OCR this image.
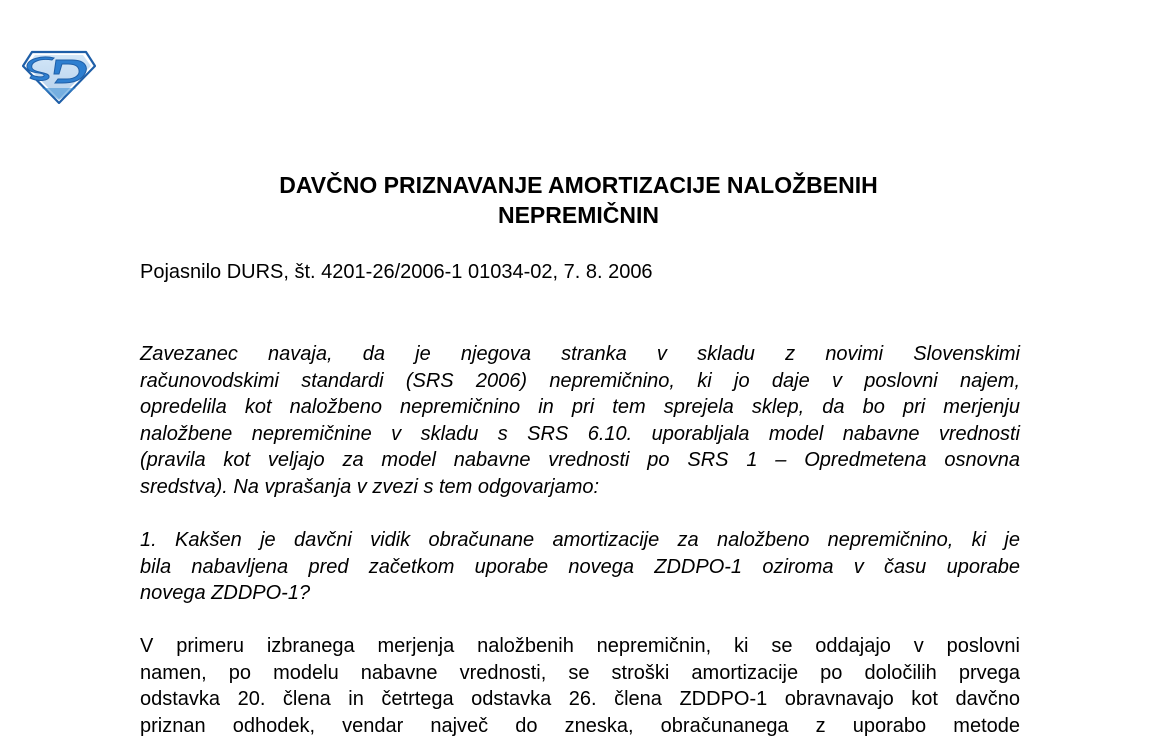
DAVČNO PRIZNAVANJE AMORTIZACIJE NALOŽBENIH
NEPREMIČNIN

Pojasnilo DURS, št. 4201-26/2006-1 01034-02, 7. 8. 2006

Zavezanec navaja, da je njegova stranka v skladu z novimi Slovenskimi
računovodskimi standardi (SRS 2006) nepremičnino, ki jo daje v poslovni najem,
opredelila kot naložbeno nepremičnino in pri tem sprejela sklep, da bo pri merjenju
naložbene nepremičnine v skladu s SRS 6.10. uporabljala model nabavne vrednosti
(pravila kot veljajo za model nabavne vrednosti po SRS 1 – Opredmetena osnovna
sredstva). Na vprašanja v zvezi s tem odgovarjamo:
1. Kakšen je davčni vidik obračunane amortizacije za naložbeno nepremičnino, ki je
bila nabavljena pred začetkom uporabe novega ZDDPO-1 oziroma v času uporabe
novega ZDDPO-1?
V primeru izbranega merjenja naložbenih nepremičnin, ki se oddajajo v poslovni
namen, po modelu nabavne vrednosti, se stroški amortizacije po določilih prvega
odstavka 20. člena in četrtega odstavka 26. člena ZDDPO-1 obravnavajo kot davčno
priznan odhodek, vendar največ do zneska, obračunanega z uporabo metode
